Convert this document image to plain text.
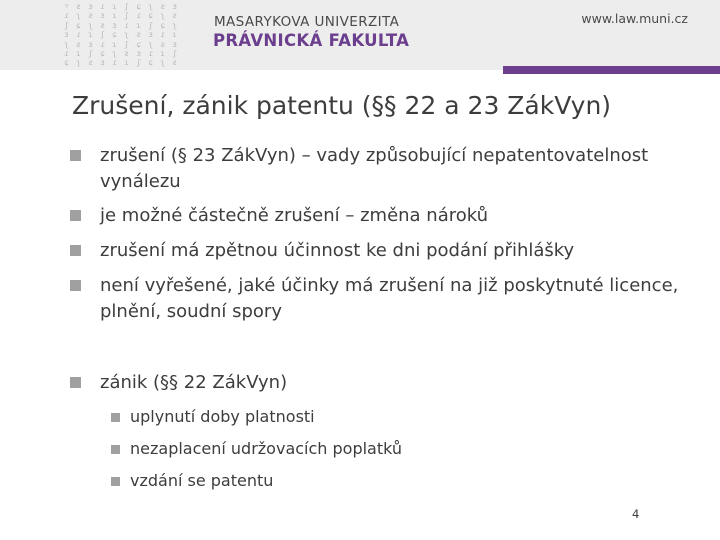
ᵍ ƨ ɜ ɾ ɿ ʃ ɕ ʅ ƨ ɜ
ɾ ʅ ƨ ɜ ɿ ʃ ɾ ɕ ʅ ƨ
ʃ ɕ ʅ ƨ ɜ ɾ ɿ ʃ ɕ ʅ
ɜ ɾ ɿ ʃ ɕ ʅ ƨ ɜ ɾ ɿ
ʅ ƨ ɜ ɾ ɿ ʃ ɕ ʅ ƨ ɜ
ɾ ɿ ʃ ɕ ʅ ƨ ɜ ɾ ɿ ʃ
ɕ ʅ ƨ ɜ ɾ ɿ ʃ ɕ ʅ ƨ
MASARYKOVA UNIVERZITA
PRÁVNICKÁ FAKULTA
www.law.muni.cz
Zrušení, zánik patentu (§§ 22 a 23 ZákVyn)
zrušení (§ 23 ZákVyn) – vady způsobující nepatentovatelnost vynálezu
je možné částečně zrušení – změna nároků
zrušení má zpětnou účinnost ke dni podání přihlášky
není vyřešené, jaké účinky má zrušení na již poskytnuté licence, plnění, soudní spory
zánik (§§ 22 ZákVyn)
uplynutí doby platnosti
nezaplacení udržovacích poplatků
vzdání se patentu
4
